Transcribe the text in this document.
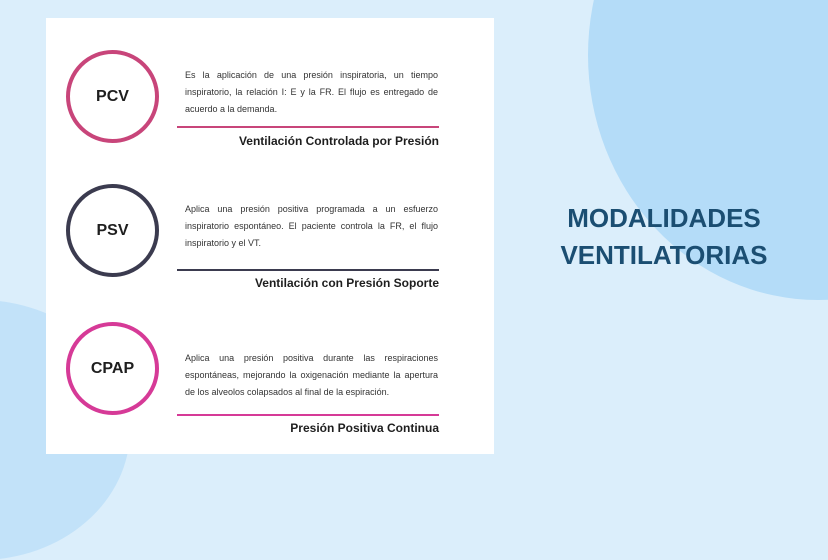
PCV

Es la aplicación de una presión inspiratoria, un tiempo inspiratorio, la relación I: E y la FR. El flujo es entregado de acuerdo a la demanda.

Ventilación Controlada por Presión
PSV

Aplica una presión positiva programada a un esfuerzo inspiratorio espontáneo. El paciente controla la FR, el flujo inspiratorio y el VT.

Ventilación con Presión Soporte
CPAP

Aplica una presión positiva durante las respiraciones espontáneas, mejorando la oxigenación mediante la apertura de los alveolos colapsados al final de la espiración.

Presión Positiva Continua
MODALIDADES
VENTILATORIAS
